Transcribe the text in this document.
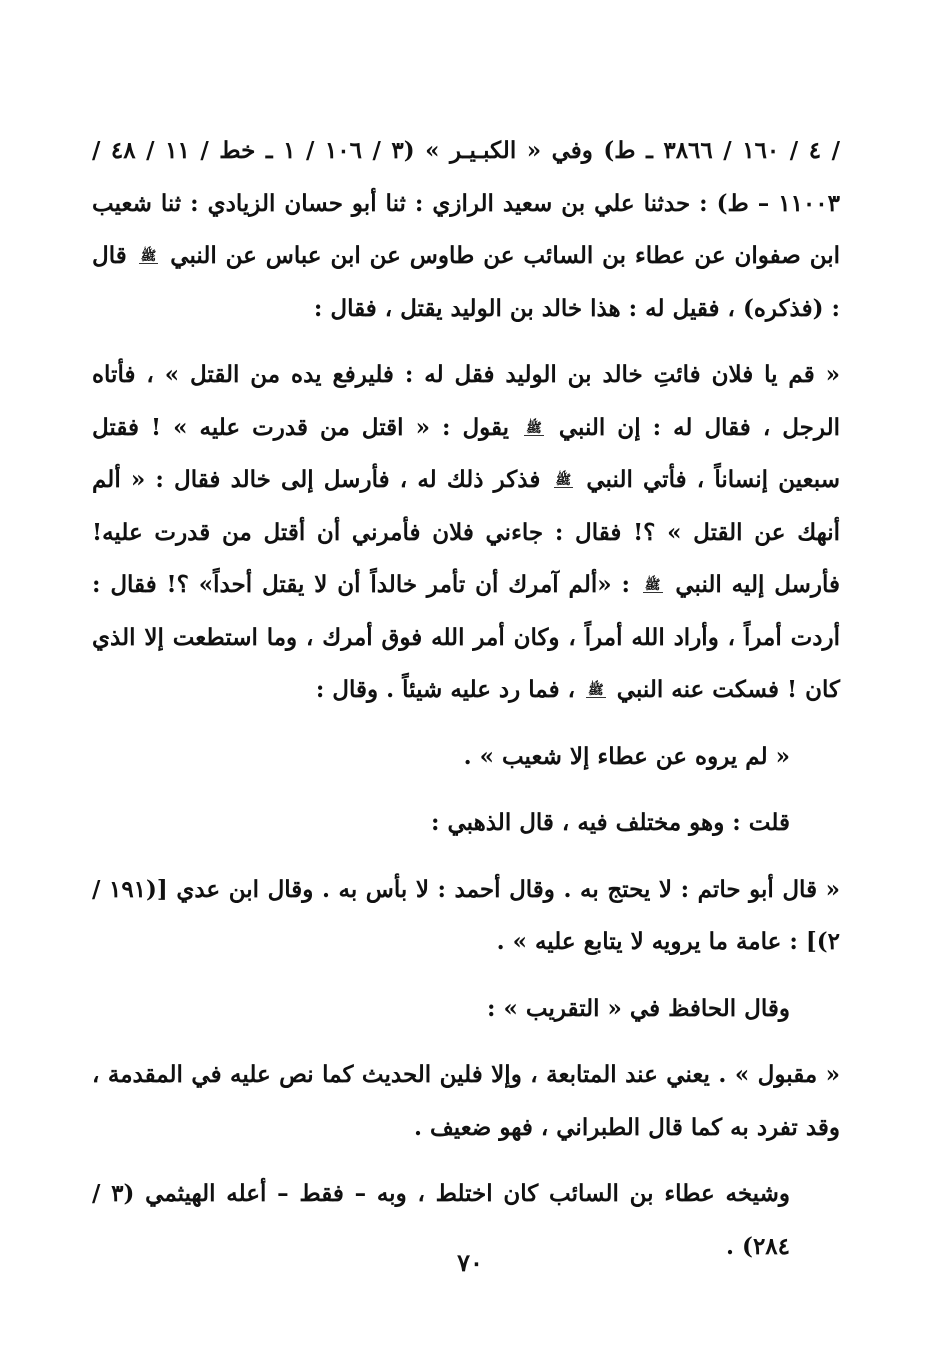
/ ٤ / ١٦٠ / ٣٨٦٦ ـ ط) وفي « الكبـيـر » (٣ / ١٠٦ / ١ ـ خط / ١١ / ٤٨ / ١١٠٠٣ – ط) : حدثنا علي بن سعيد الرازي : ثنا أبو حسان الزيادي : ثنا شعيب ابن صفوان عن عطاء بن السائب عن طاوس عن ابن عباس عن النبي ﷺ قال : (فذكره) ، فقيل له : هذا خالد بن الوليد يقتل ، فقال :

« قم يا فلان فائتِ خالد بن الوليد فقل له : فليرفع يده من القتل » ، فأتاه الرجل ، فقال له : إن النبي ﷺ يقول : « اقتل من قدرت عليه » ! فقتل سبعين إنساناً ، فأتي النبي ﷺ فذكر ذلك له ، فأرسل إلى خالد فقال : « ألم أنهك عن القتل » ؟! فقال : جاءني فلان فأمرني أن أقتل من قدرت عليه! فأرسل إليه النبي ﷺ : «ألم آمرك أن تأمر خالداً أن لا يقتل أحداً» ؟! فقال : أردت أمراً ، وأراد الله أمراً ، وكان أمر الله فوق أمرك ، وما استطعت إلا الذي كان ! فسكت عنه النبي ﷺ ، فما رد عليه شيئاً . وقال :

« لم يروه عن عطاء إلا شعيب » .

قلت : وهو مختلف فيه ، قال الذهبي :

« قال أبو حاتم : لا يحتج به . وقال أحمد : لا بأس به . وقال ابن عدي [(١٩١ / ٢)] : عامة ما يرويه لا يتابع عليه » .

وقال الحافظ في « التقريب » :

« مقبول » . يعني عند المتابعة ، وإلا فلين الحديث كما نص عليه في المقدمة ، وقد تفرد به كما قال الطبراني ، فهو ضعيف .

وشيخه عطاء بن السائب كان اختلط ، وبه – فقط – أعله الهيثمي (٣ / ٢٨٤) .

٧٠
